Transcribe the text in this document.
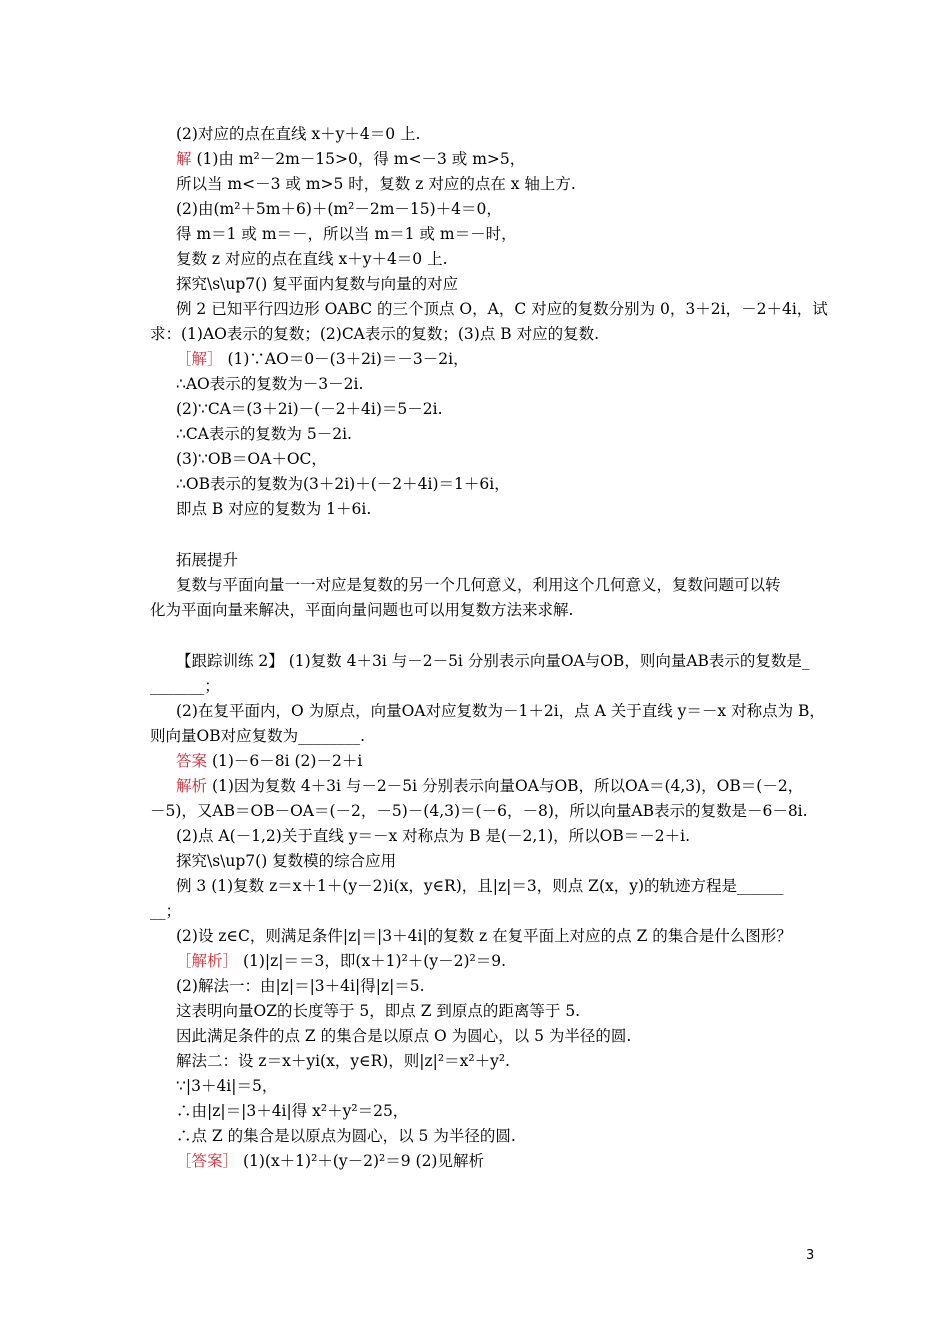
(2)对应的点在直线 x＋y＋4＝0 上.
解 (1)由 m²－2m－15>0，得 m<－3 或 m>5，
所以当 m<－3 或 m>5 时，复数 z 对应的点在 x 轴上方.
(2)由(m²＋5m＋6)＋(m²－2m－15)＋4＝0，
得 m＝1 或 m＝－，所以当 m＝1 或 m＝－时，
复数 z 对应的点在直线 x＋y＋4＝0 上.
探究\s\up7() 复平面内复数与向量的对应
例 2 已知平行四边形 OABC 的三个顶点 O，A，C 对应的复数分别为 0，3＋2i，－2＋4i，试
求：(1)AO表示的复数；(2)CA表示的复数；(3)点 B 对应的复数.
［解］ (1)∵AO＝0－(3＋2i)＝－3－2i，
∴AO表示的复数为－3－2i.
(2)∵CA＝(3＋2i)－(－2＋4i)＝5－2i.
∴CA表示的复数为 5－2i.
(3)∵OB＝OA＋OC，
∴OB表示的复数为(3＋2i)＋(－2＋4i)＝1＋6i，
即点 B 对应的复数为 1＋6i.
拓展提升
复数与平面向量一一对应是复数的另一个几何意义，利用这个几何意义，复数问题可以转
化为平面向量来解决，平面向量问题也可以用复数方法来求解.
【跟踪训练 2】 (1)复数 4＋3i 与－2－5i 分别表示向量OA与OB，则向量AB表示的复数是_
_______；
(2)在复平面内，O 为原点，向量OA对应复数为－1＋2i，点 A 关于直线 y＝－x 对称点为 B，
则向量OB对应复数为________.
答案 (1)－6－8i (2)－2＋i
解析 (1)因为复数 4＋3i 与－2－5i 分别表示向量OA与OB，所以OA＝(4,3)，OB＝(－2，
－5)，又AB＝OB－OA＝(－2，－5)－(4,3)＝(－6，－8)，所以向量AB表示的复数是－6－8i.
(2)点 A(－1,2)关于直线 y＝－x 对称点为 B 是(－2,1)，所以OB＝－2＋i.
探究\s\up7() 复数模的综合应用
例 3 (1)复数 z＝x＋1＋(y－2)i(x，y∈R)，且|z|＝3，则点 Z(x，y)的轨迹方程是______
__；
(2)设 z∈C，则满足条件|z|＝|3＋4i|的复数 z 在复平面上对应的点 Z 的集合是什么图形？
［解析］ (1)|z|＝＝3，即(x＋1)²＋(y－2)²＝9.
(2)解法一：由|z|＝|3＋4i|得|z|＝5.
这表明向量OZ的长度等于 5，即点 Z 到原点的距离等于 5.
因此满足条件的点 Z 的集合是以原点 O 为圆心，以 5 为半径的圆.
解法二：设 z＝x＋yi(x，y∈R)，则|z|²＝x²＋y².
∵|3＋4i|＝5，
∴由|z|＝|3＋4i|得 x²＋y²＝25，
∴点 Z 的集合是以原点为圆心，以 5 为半径的圆.
［答案］ (1)(x＋1)²＋(y－2)²＝9 (2)见解析
3
